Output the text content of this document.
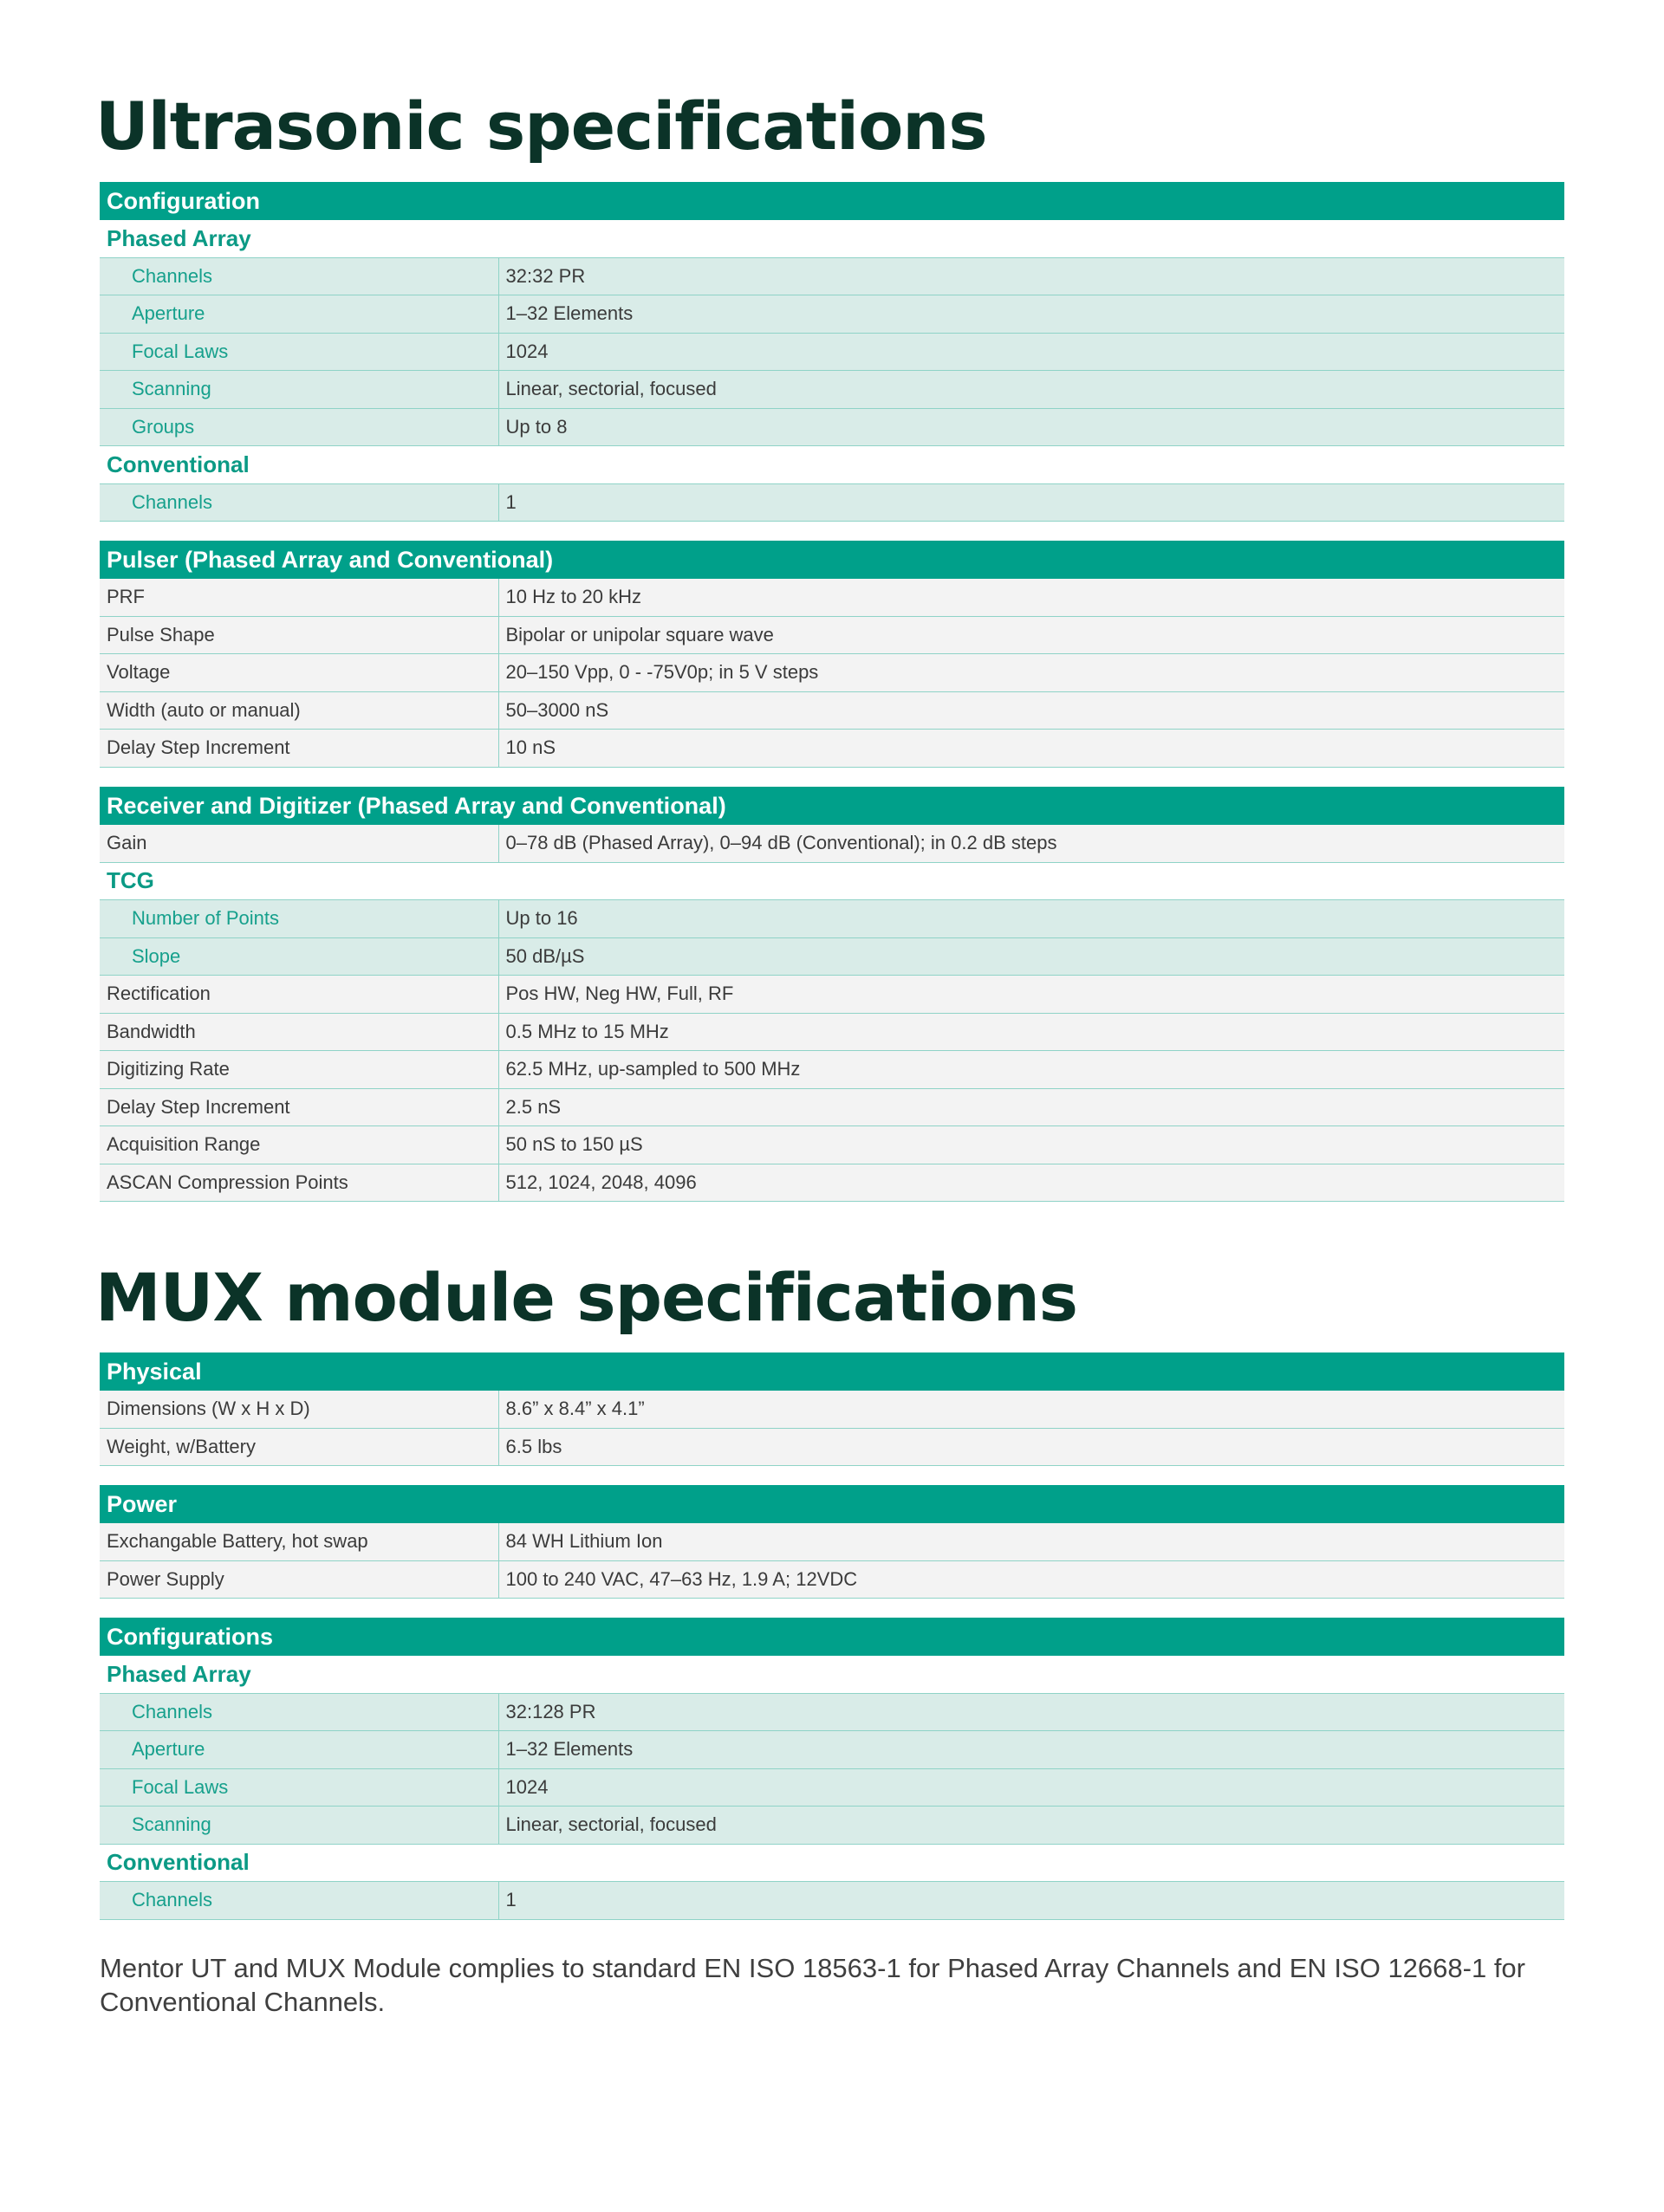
Ultrasonic specifications
Configuration	
Phased Array	
Channels	32:32 PR
Aperture	1–32 Elements
Focal Laws	1024
Scanning	Linear, sectorial, focused
Groups	Up to 8
Conventional	
Channels	1
Pulser (Phased Array and Conventional)	
PRF	10 Hz to 20 kHz
Pulse Shape	Bipolar or unipolar square wave
Voltage	20–150 Vpp, 0 - -75V0p; in 5 V steps
Width (auto or manual)	50–3000 nS
Delay Step Increment	10 nS
Receiver and Digitizer (Phased Array and Conventional)	
Gain	0–78 dB (Phased Array), 0–94 dB (Conventional); in 0.2 dB steps
TCG	
Number of Points	Up to 16
Slope	50 dB/µS
Rectification	Pos HW, Neg HW, Full, RF
Bandwidth	0.5 MHz to 15 MHz
Digitizing Rate	62.5 MHz, up-sampled to 500 MHz
Delay Step Increment	2.5 nS
Acquisition Range	50 nS to 150 µS
ASCAN Compression Points	512, 1024, 2048, 4096
MUX module specifications
Physical	
Dimensions (W x H x D)	8.6” x 8.4” x 4.1”
Weight, w/Battery	6.5 lbs
Power	
Exchangable Battery, hot swap	84 WH Lithium Ion
Power Supply	100 to 240 VAC, 47–63 Hz, 1.9 A; 12VDC
Configurations	
Phased Array	
Channels	32:128 PR
Aperture	1–32 Elements
Focal Laws	1024
Scanning	Linear, sectorial, focused
Conventional	
Channels	1

Mentor UT and MUX Module complies to standard EN ISO 18563-1 for Phased Array Channels and EN ISO 12668-1 for Conventional Channels.
